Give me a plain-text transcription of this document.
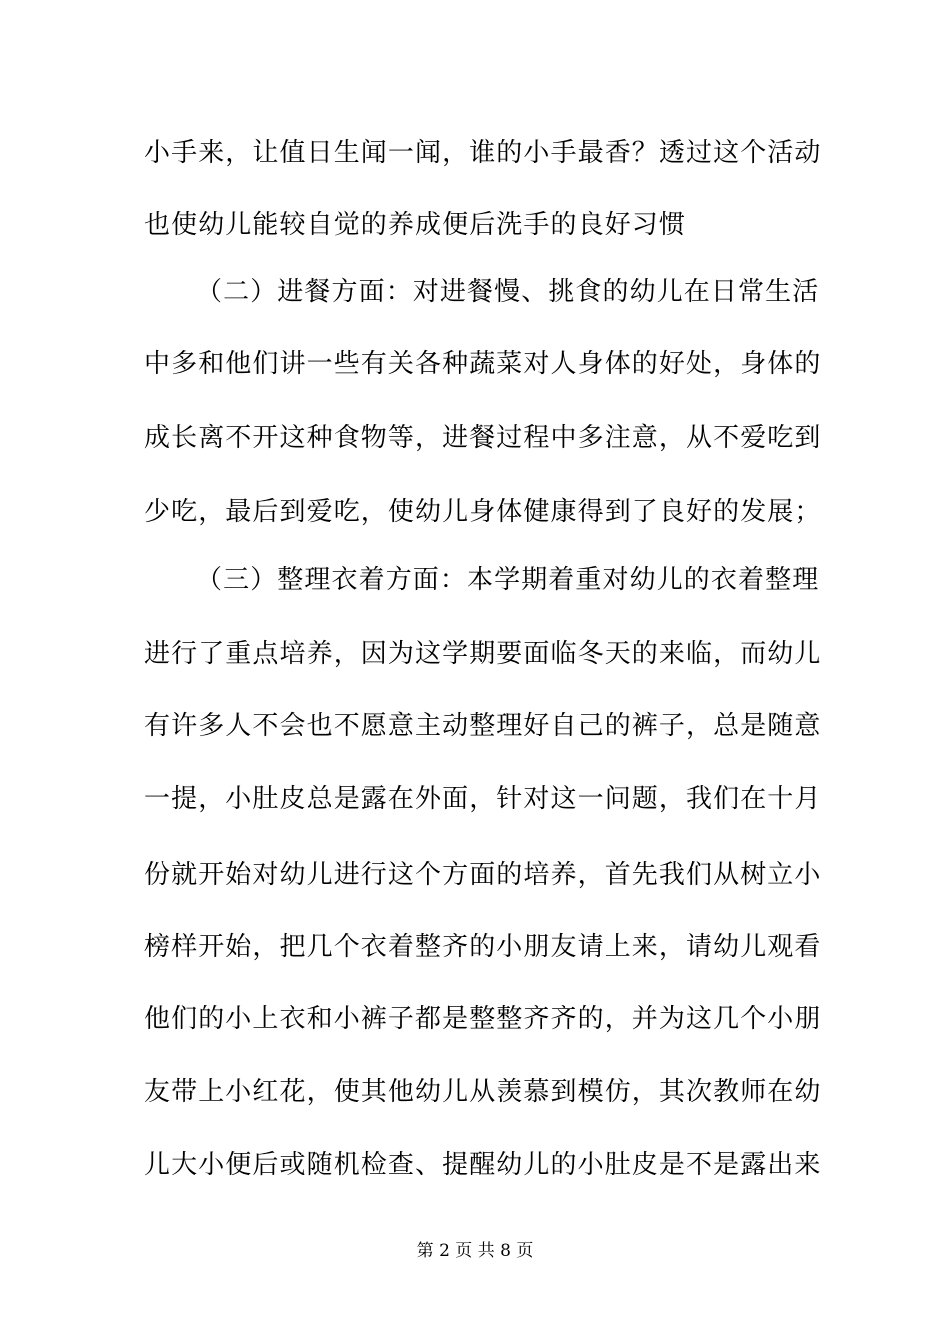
小手来，让值日生闻一闻，谁的小手最香？透过这个活动
也使幼儿能较自觉的养成便后洗手的良好习惯
（二）进餐方面：对进餐慢、挑食的幼儿在日常生活
中多和他们讲一些有关各种蔬菜对人身体的好处，身体的
成长离不开这种食物等，进餐过程中多注意，从不爱吃到
少吃，最后到爱吃，使幼儿身体健康得到了良好的发展；
（三）整理衣着方面：本学期着重对幼儿的衣着整理
进行了重点培养，因为这学期要面临冬天的来临，而幼儿
有许多人不会也不愿意主动整理好自己的裤子，总是随意
一提，小肚皮总是露在外面，针对这一问题，我们在十月
份就开始对幼儿进行这个方面的培养，首先我们从树立小
榜样开始，把几个衣着整齐的小朋友请上来，请幼儿观看
他们的小上衣和小裤子都是整整齐齐的，并为这几个小朋
友带上小红花，使其他幼儿从羡慕到模仿，其次教师在幼
儿大小便后或随机检查、提醒幼儿的小肚皮是不是露出来
第 2 页 共 8 页
